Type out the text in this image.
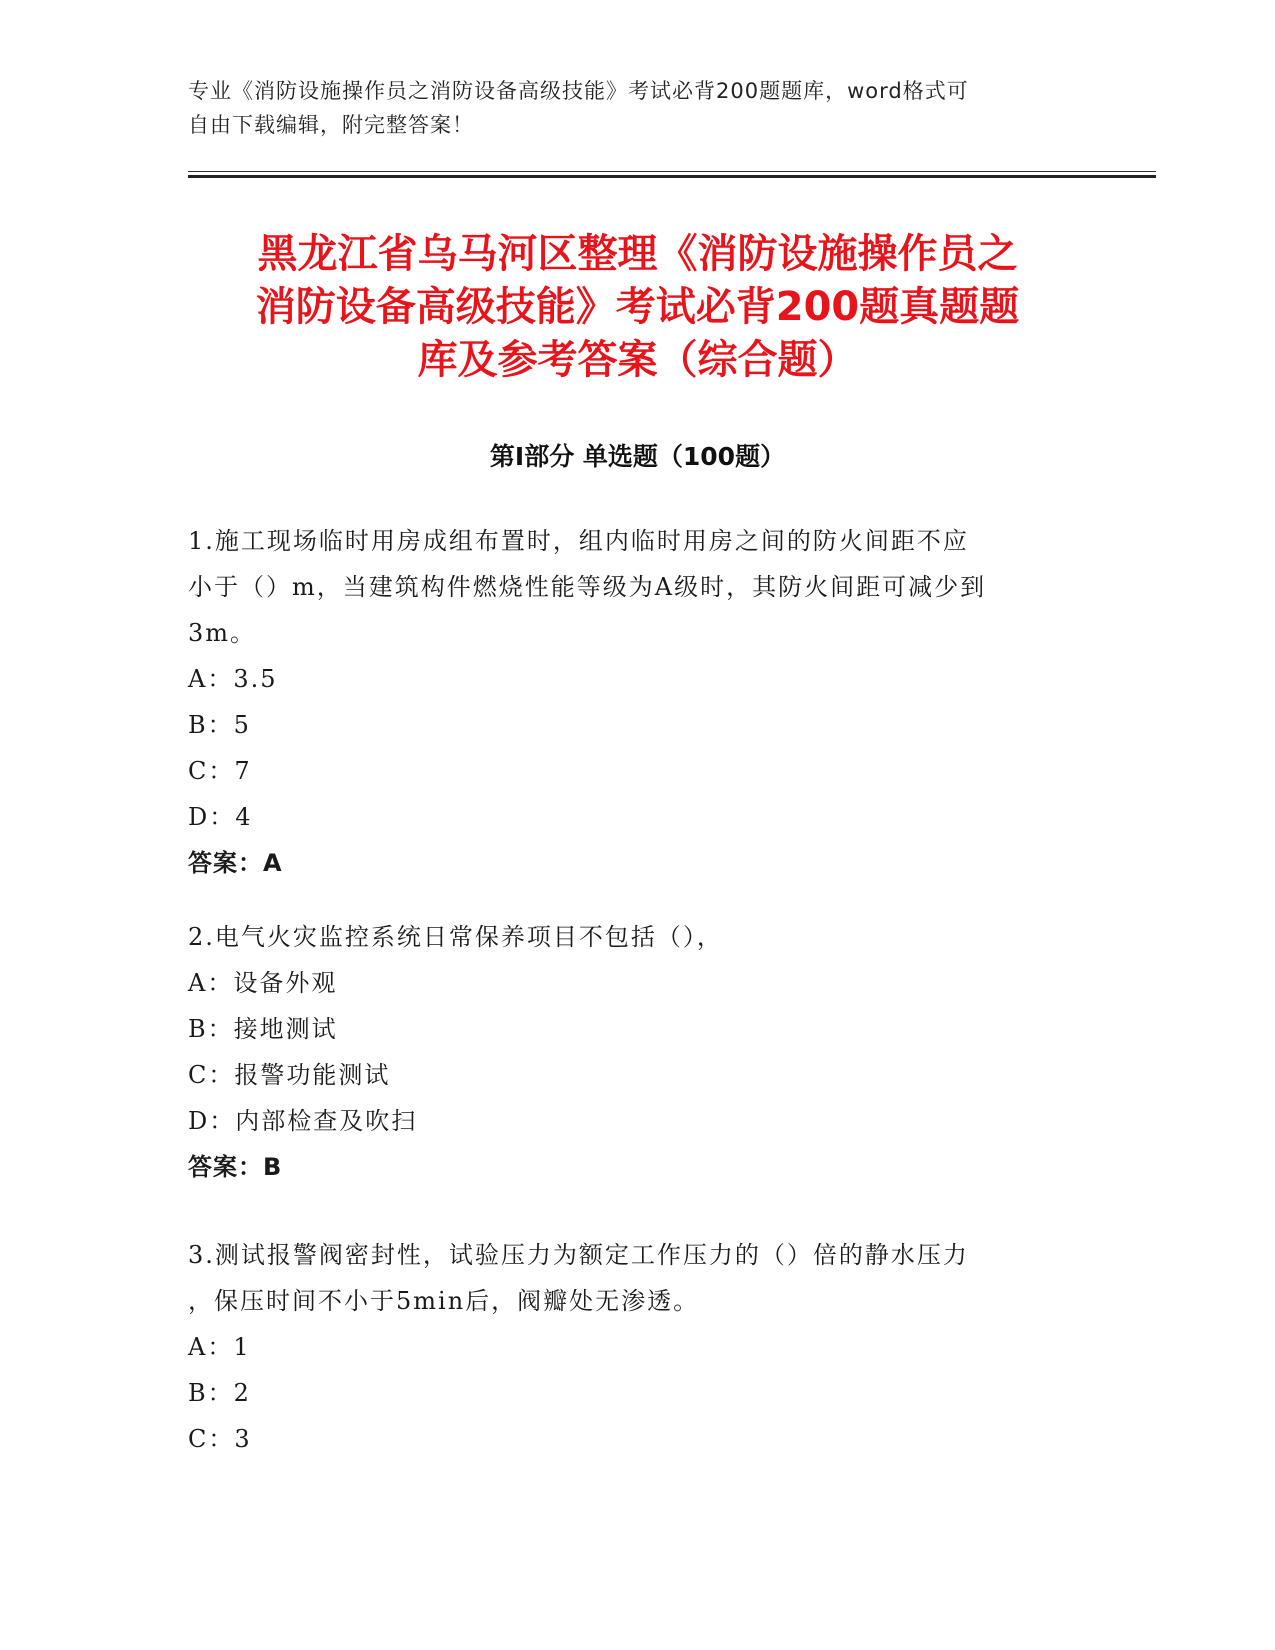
专业《消防设施操作员之消防设备高级技能》考试必背200题题库，word格式可
自由下载编辑，附完整答案！
黑龙江省乌马河区整理《消防设施操作员之
消防设备高级技能》考试必背200题真题题
库及参考答案（综合题）
第Ⅰ部分 单选题（100题）
1.施工现场临时用房成组布置时，组内临时用房之间的防火间距不应
小于（）m，当建筑构件燃烧性能等级为A级时，其防火间距可减少到
3m。
A：3.5
B：5
C：7
D：4
答案：A
2.电气火灾监控系统日常保养项目不包括（），
A：设备外观
B：接地测试
C：报警功能测试
D：内部检查及吹扫
答案：B
3.测试报警阀密封性，试验压力为额定工作压力的（）倍的静水压力
，保压时间不小于5min后，阀瓣处无渗透。
A：1
B：2
C：3
